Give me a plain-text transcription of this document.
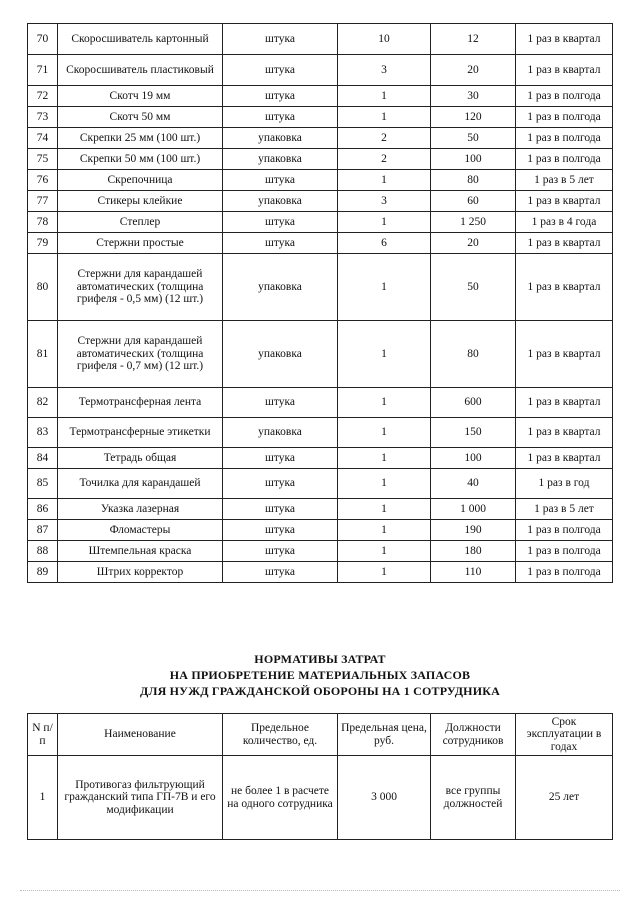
70	Скоросшиватель картонный	штука	10	12	1 раз в квартал
71	Скоросшиватель пластиковый	штука	3	20	1 раз в квартал
72	Скотч 19 мм	штука	1	30	1 раз в полгода
73	Скотч 50 мм	штука	1	120	1 раз в полгода
74	Скрепки 25 мм (100 шт.)	упаковка	2	50	1 раз в полгода
75	Скрепки 50 мм (100 шт.)	упаковка	2	100	1 раз в полгода
76	Скрепочница	штука	1	80	1 раз в 5 лет
77	Стикеры клейкие	упаковка	3	60	1 раз в квартал
78	Степлер	штука	1	1 250	1 раз в 4 года
79	Стержни простые	штука	6	20	1 раз в квартал
80	Стержни для карандашей автоматических (толщина грифеля - 0,5 мм) (12 шт.)	упаковка	1	50	1 раз в квартал
81	Стержни для карандашей автоматических (толщина грифеля - 0,7 мм) (12 шт.)	упаковка	1	80	1 раз в квартал
82	Термотрансферная лента	штука	1	600	1 раз в квартал
83	Термотрансферные этикетки	упаковка	1	150	1 раз в квартал
84	Тетрадь общая	штука	1	100	1 раз в квартал
85	Точилка для карандашей	штука	1	40	1 раз в год
86	Указка лазерная	штука	1	1 000	1 раз в 5 лет
87	Фломастеры	штука	1	190	1 раз в полгода
88	Штемпельная краска	штука	1	180	1 раз в полгода
89	Штрих корректор	штука	1	110	1 раз в полгода
НОРМАТИВЫ ЗАТРАТ
НА ПРИОБРЕТЕНИЕ МАТЕРИАЛЬНЫХ ЗАПАСОВ
ДЛЯ НУЖД ГРАЖДАНСКОЙ ОБОРОНЫ НА 1 СОТРУДНИКА
N п/п	Наименование	Предельное количество, ед.	Предельная цена, руб.	Должности сотрудников	Срок эксплуатации в годах
1	Противогаз фильтрующий гражданский типа ГП-7В и его модификации	не более 1 в расчете на одного сотрудника	3 000	все группы должностей	25 лет
